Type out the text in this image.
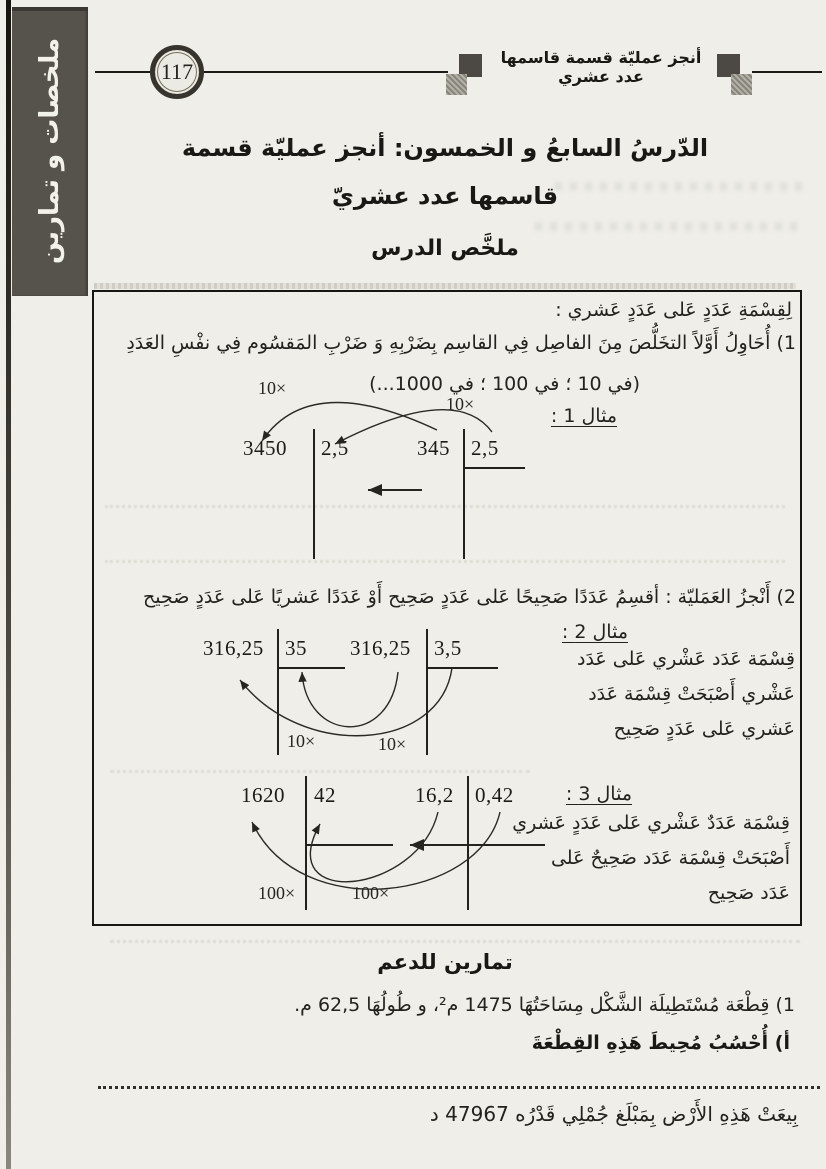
ملخصات و تمارين	117
أنجز عمليّة قسمة قاسمها عدد عشري
الدّرسُ السابعُ و الخمسون: أنجز عمليّة قسمة
قاسمها عدد عشريّ
ملخَّص الدرس
لِقِسْمَةِ عَدَدٍ عَلى عَدَدٍ عَشري :
1) أُحَاوِلُ أَوَّلاً التخَلُّصَ مِنَ الفاصِل فِي القاسِم بِضَرْبِهِ وَ ضَرْبِ المَقسُوم فِي نفْسِ العَدَدِ
(في 10 ؛ في 100 ؛ في 1000...)
مثال 1 :
3450 2,5	345 2,5
10×
10×
2) أَنْجزُ العَمَليّة : أقسِمُ عَدَدًا صَحِيحًا عَلى عَدَدٍ صَحِيح أَوْ عَدَدًا عَشريًا عَلى عَدَدٍ صَحِيح
مثال 2 :
316,25 35 316,25 3,5
10×	10×
قِسْمَة عَدَد عَشْري عَلى عَدَد
عَشْري أَصْبَحَتْ قِسْمَة عَدَد
عَشري عَلى عَدَدٍ صَحِيح
مثال 3 :
1620 42	16,2 0,42
100×	100×
قِسْمَة عَدَدٌ عَشْري عَلى عَدَدٍ عَشري
أَصْبَحَتْ قِسْمَة عَدَد صَحِيحٌ عَلى
عَدَد صَحِيح
تمارين للدعم
1) قِطْعَة مُسْتَطِيلَة الشَّكْل مِسَاحَتُهَا 1475 م²، و طُولُهَا 62,5 م.
أ) أُحْسُبُ مُحِيطَ هَذِهِ القِطْعَةَ
بِيعَتْ هَذِهِ الأَرْض بِمَبْلَغ جُمْلِي قَدْرُه 47967 د
